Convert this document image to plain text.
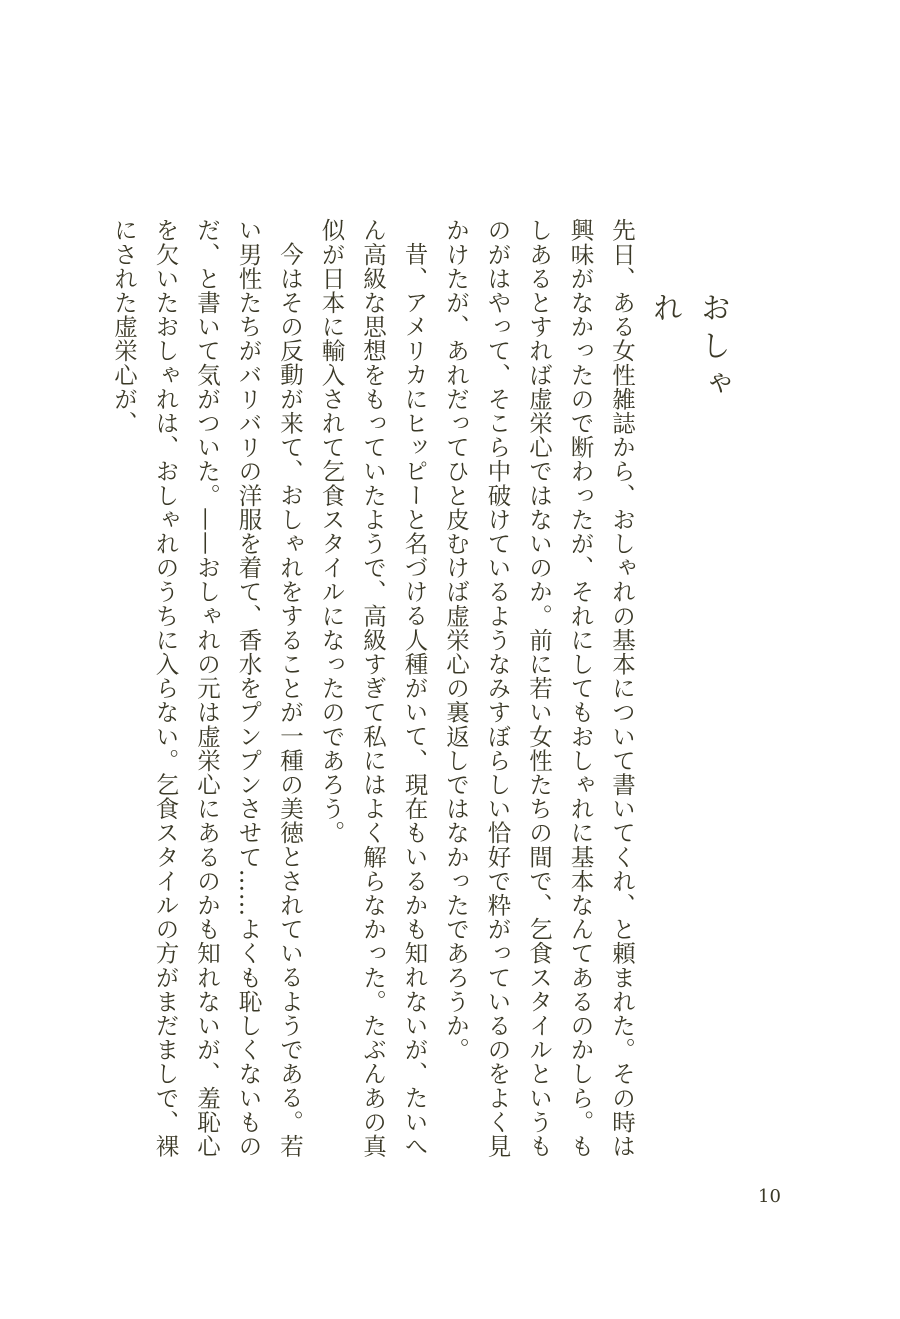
おしゃれ

先日、ある女性雑誌から、おしゃれの基本について書いてくれ、と頼まれた。その時は興味がなかったので断わったが、それにしてもおしゃれに基本なんてあるのかしら。もしあるとすれば虚栄心ではないのか。前に若い女性たちの間で、乞食スタイルというものがはやって、そこら中破けているようなみすぼらしい恰好で粋がっているのをよく見かけたが、あれだってひと皮むけば虚栄心の裏返しではなかったであろうか。

昔、アメリカにヒッピーと名づける人種がいて、現在もいるかも知れないが、たいへん高級な思想をもっていたようで、高級すぎて私にはよく解らなかった。たぶんあの真似が日本に輸入されて乞食スタイルになったのであろう。

今はその反動が来て、おしゃれをすることが一種の美徳とされているようである。若い男性たちがバリバリの洋服を着て、香水をプンプンさせて……よくも恥しくないものだ、と書いて気がついた。——おしゃれの元は虚栄心にあるのかも知れないが、羞恥心を欠いたおしゃれは、おしゃれのうちに入らない。乞食スタイルの方がまだましで、裸にされた虚栄心が、

10
